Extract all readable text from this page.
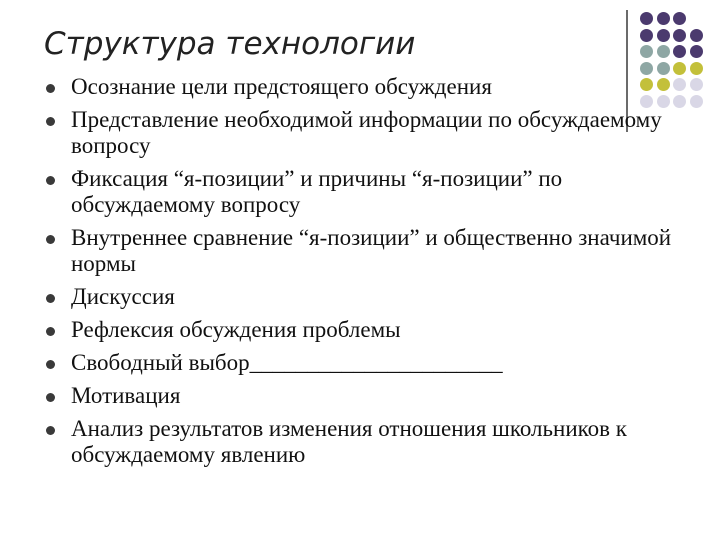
Структура технологии
Осознание цели предстоящего обсуждения
Представление необходимой информации по обсуждаемому вопросу
Фиксация “я-позиции” и причины “я-позиции” по обсуждаемому вопросу
Внутреннее сравнение “я-позиции” и общественно значимой нормы
Дискуссия
Рефлексия обсуждения проблемы
Свободный выбор______________________
Мотивация
Анализ результатов изменения отношения школьников к обсуждаемому явлению
